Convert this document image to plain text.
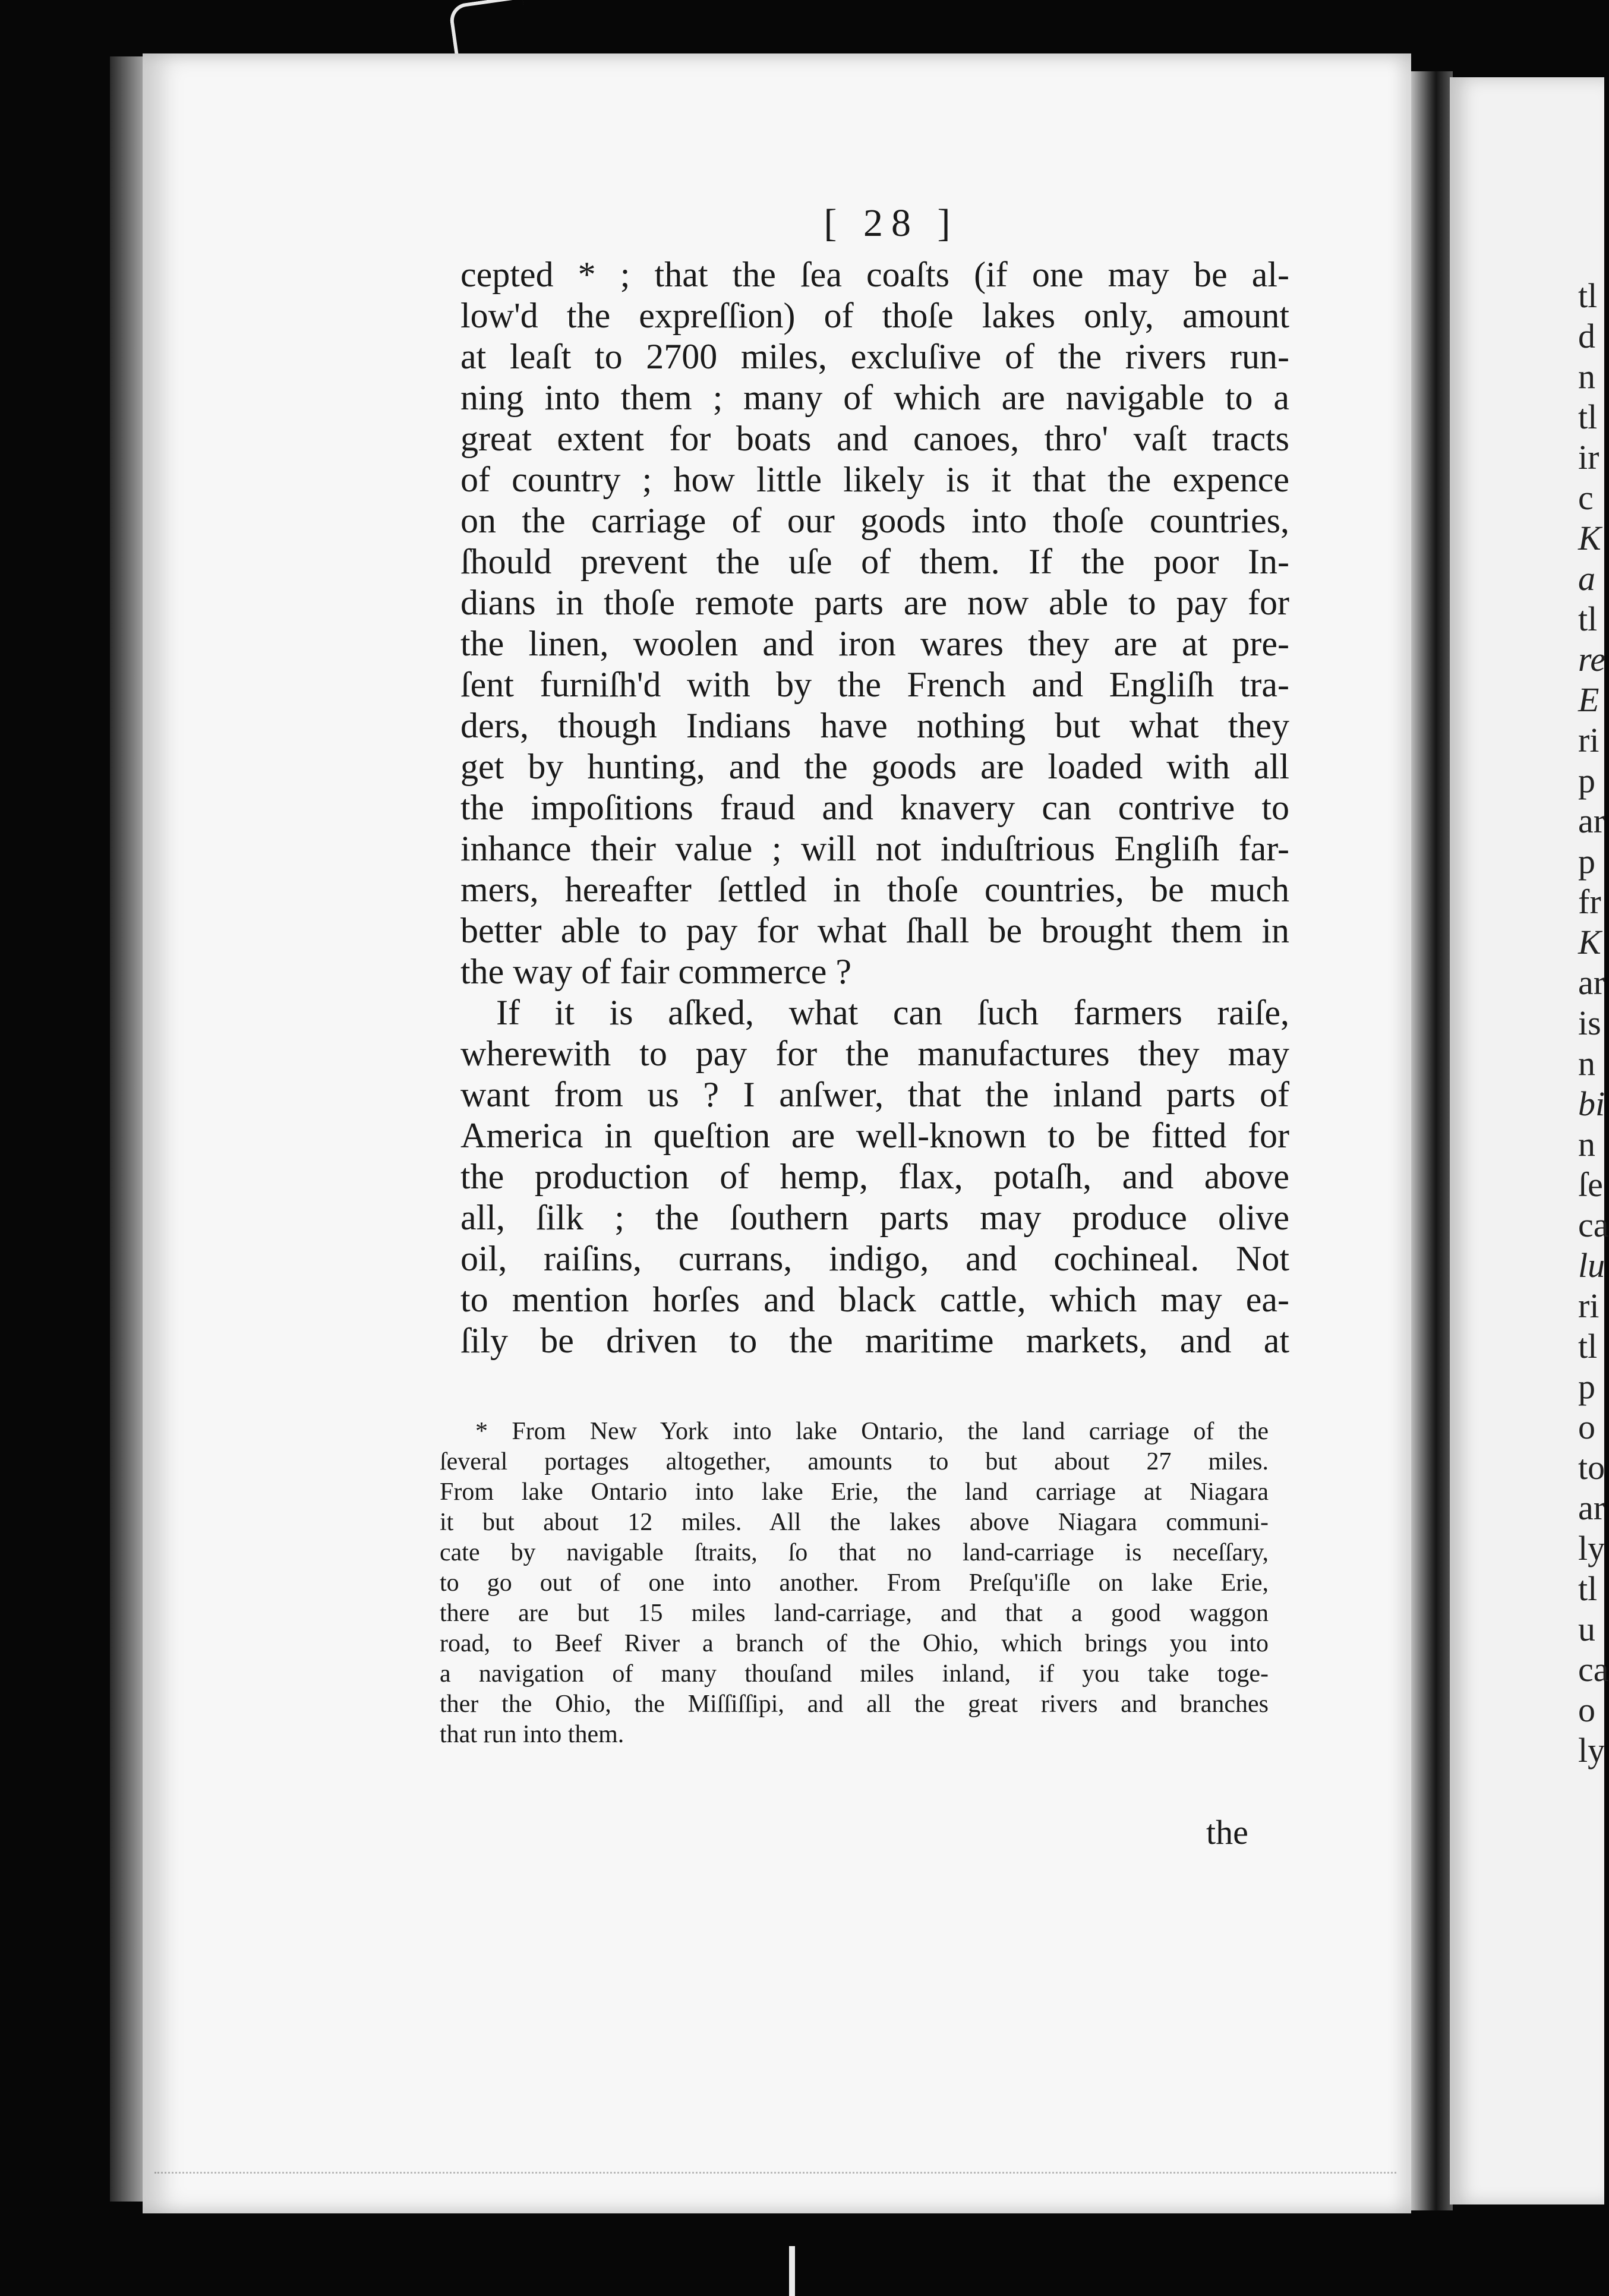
[ 28 ]
cepted * ; that the ſea coaſts (if one may be al-
low'd the expreſſion) of thoſe lakes only, amount
at leaſt to 2700 miles, excluſive of the rivers run-
ning into them ; many of which are navigable to a
great extent for boats and canoes, thro' vaſt tracts
of country ; how little likely is it that the expence
on the carriage of our goods into thoſe countries,
ſhould prevent the uſe of them. If the poor In-
dians in thoſe remote parts are now able to pay for
the linen, woolen and iron wares they are at pre-
ſent furniſh'd with by the French and Engliſh tra-
ders, though Indians have nothing but what they
get by hunting, and the goods are loaded with all
the impoſitions fraud and knavery can contrive to
inhance their value ; will not induſtrious Engliſh far-
mers, hereafter ſettled in thoſe countries, be much
better able to pay for what ſhall be brought them in
the way of fair commerce ?
If it is aſked, what can ſuch farmers raiſe,
wherewith to pay for the manufactures they may
want from us ? I anſwer, that the inland parts of
America in queſtion are well-known to be fitted for
the production of hemp, flax, potaſh, and above
all, ſilk ; the ſouthern parts may produce olive
oil, raiſins, currans, indigo, and cochineal. Not
to mention horſes and black cattle, which may ea-
ſily be driven to the maritime markets, and at
* From New York into lake Ontario, the land carriage of the
ſeveral portages altogether, amounts to but about 27 miles.
From lake Ontario into lake Erie, the land carriage at Niagara
it but about 12 miles. All the lakes above Niagara communi-
cate by navigable ſtraits, ſo that no land-carriage is neceſſary,
to go out of one into another. From Preſqu'iſle on lake Erie,
there are but 15 miles land-carriage, and that a good waggon
road, to Beef River a branch of the Ohio, which brings you into
a navigation of many thouſand miles inland, if you take toge-
ther the Ohio, the Miſſiſſipi, and all the great rivers and branches
that run into them.
the
tl
d
n
tl
ir
c
K
a
tl
re
E
ri
p
ar
p
fr
K
ar
is
n
bi
n
ſe
ca
lu
ri
tl
p
o
to
ar
ly
tl
u
ca
o
ly
